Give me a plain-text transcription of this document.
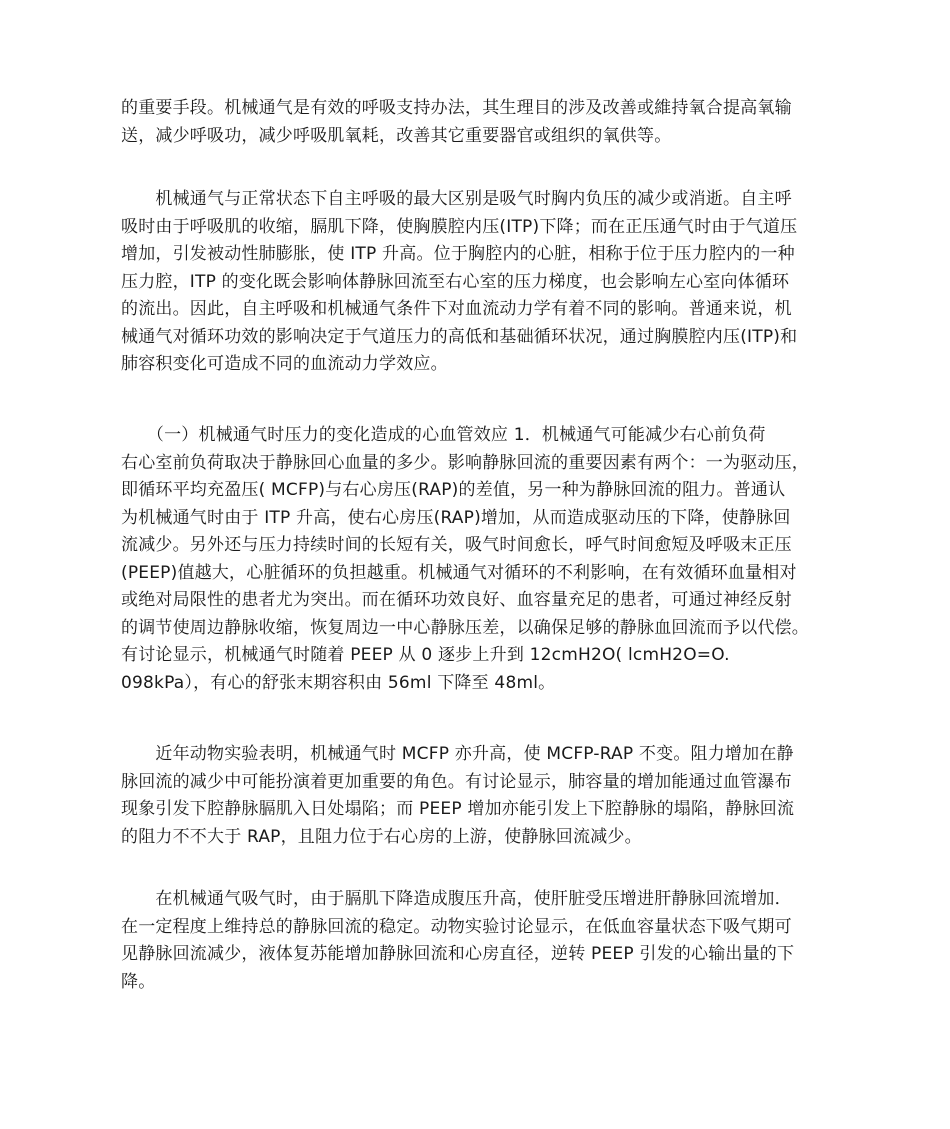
的重要手段。机械通气是有效的呼吸支持办法，其生理目的涉及改善或維持氧合提高氧输
送，减少呼吸功，减少呼吸肌氧耗，改善其它重要器官或组织的氧供等。

　　机械通气与正常状态下自主呼吸的最大区别是吸气时胸内负压的减少或消逝。自主呼
吸时由于呼吸肌的收缩，膈肌下降，使胸膜腔内压(ITP)下降；而在正压通气时由于气道压
增加，引发被动性肺膨胀，使 ITP 升高。位于胸腔内的心脏，相称于位于压力腔内的一种
压力腔，ITP 的变化既会影响体静脉回流至右心室的压力梯度，也会影响左心室向体循环
的流出。因此，自主呼吸和机械通气条件下对血流动力学有着不同的影响。普通来说，机
械通气对循环功效的影响决定于气道压力的高低和基础循环状况，通过胸膜腔内压(ITP)和
肺容积变化可造成不同的血流动力学效应。

　　（一）机械通气时压力的变化造成的心血管效应 1．机械通气可能减少右心前负荷
右心室前负荷取决于静脉回心血量的多少。影响静脉回流的重要因素有两个：一为驱动压，
即循环平均充盈压( MCFP)与右心房压(RAP)的差值，另一种为静脉回流的阻力。普通认
为机械通气时由于 ITP 升高，使右心房压(RAP)增加，从而造成驱动压的下降，使静脉回
流减少。另外还与压力持续时间的长短有关，吸气时间愈长，呼气时间愈短及呼吸末正压
(PEEP)值越大，心脏循环的负担越重。机械通气对循环的不利影响，在有效循环血量相对
或绝对局限性的患者尤为突出。而在循环功效良好、血容量充足的患者，可通过神经反射
的调节使周边静脉收缩，恢复周边一中心静脉压差，以确保足够的静脉血回流而予以代偿。
有讨论显示，机械通气时随着 PEEP 从 0 逐步上升到 12cmH2O( lcmH2O=O.
098kPa），有心的舒张末期容积由 56ml 下降至 48ml。

　　近年动物实验表明，机械通气时 MCFP 亦升高，使 MCFP-RAP 不变。阻力增加在静
脉回流的减少中可能扮演着更加重要的角色。有讨论显示，肺容量的增加能通过血管瀑布
现象引发下腔静脉膈肌入日处塌陷；而 PEEP 增加亦能引发上下腔静脉的塌陷，静脉回流
的阻力不不大于 RAP，且阻力位于右心房的上游，使静脉回流减少。

　　在机械通气吸气时，由于膈肌下降造成腹压升高，使肝脏受压增进肝静脉回流增加．
在一定程度上维持总的静脉回流的稳定。动物实验讨论显示，在低血容量状态下吸气期可
见静脉回流减少，液体复苏能增加静脉回流和心房直径，逆转 PEEP 引发的心输出量的下
降。
